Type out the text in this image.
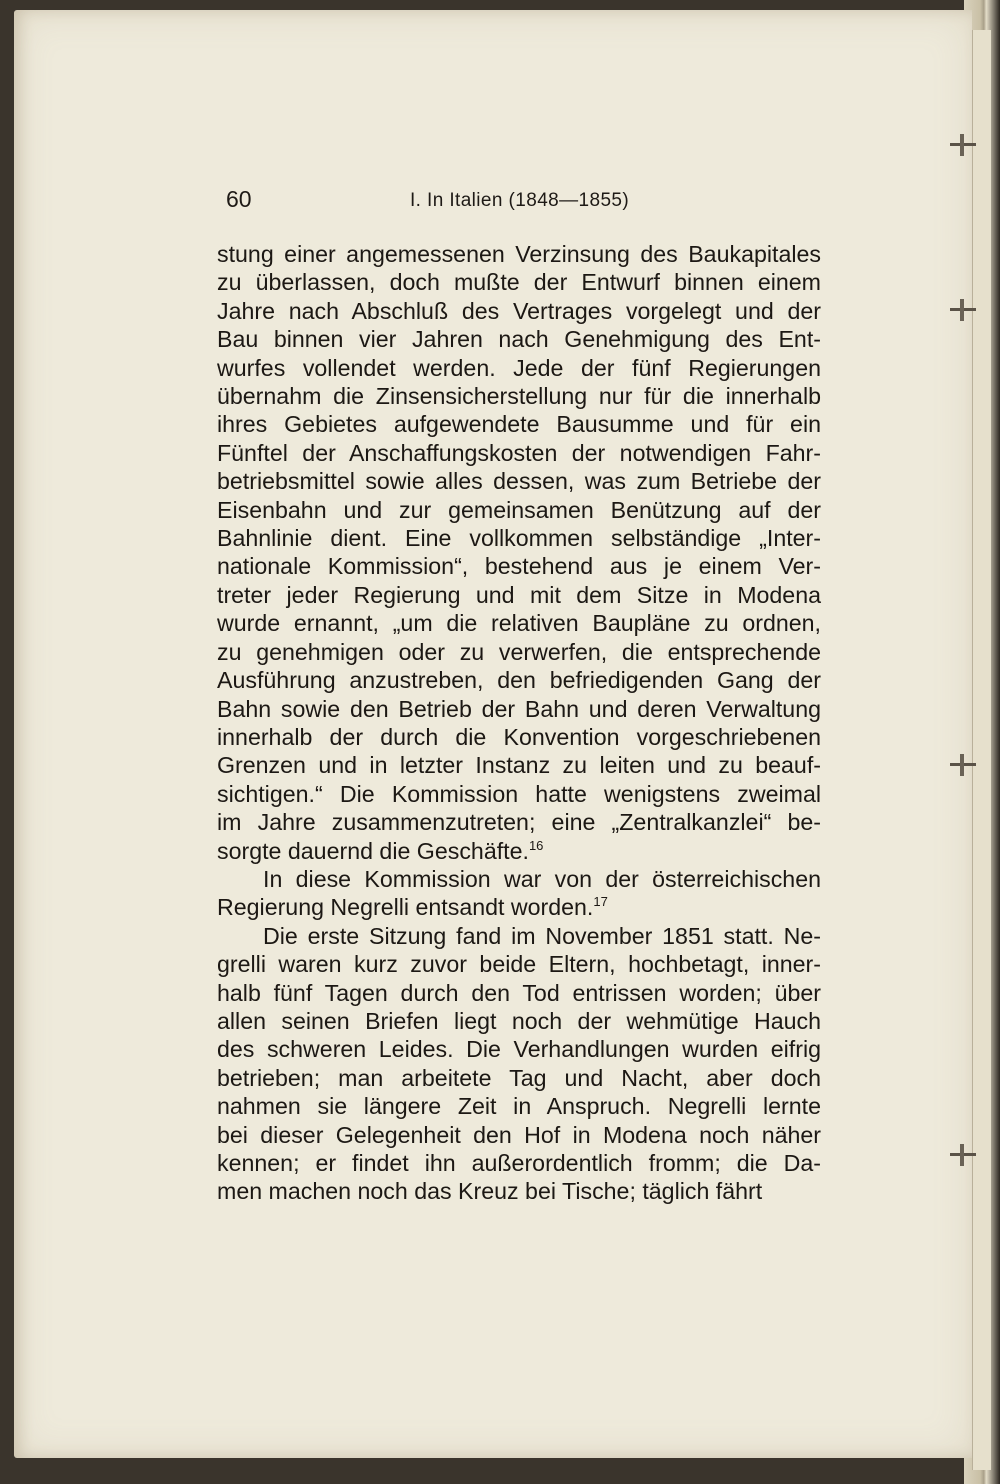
60	I. In Italien (1848—1855)

stung einer angemessenen Verzinsung des Baukapitales
zu überlassen, doch mußte der Entwurf binnen einem
Jahre nach Abschluß des Vertrages vorgelegt und der
Bau binnen vier Jahren nach Genehmigung des Ent-
wurfes vollendet werden. Jede der fünf Regierungen
übernahm die Zinsensicherstellung nur für die innerhalb
ihres Gebietes aufgewendete Bausumme und für ein
Fünftel der Anschaffungskosten der notwendigen Fahr-
betriebsmittel sowie alles dessen, was zum Betriebe der
Eisenbahn und zur gemeinsamen Benützung auf der
Bahnlinie dient. Eine vollkommen selbständige „Inter-
nationale Kommission“, bestehend aus je einem Ver-
treter jeder Regierung und mit dem Sitze in Modena
wurde ernannt, „um die relativen Baupläne zu ordnen,
zu genehmigen oder zu verwerfen, die entsprechende
Ausführung anzustreben, den befriedigenden Gang der
Bahn sowie den Betrieb der Bahn und deren Verwaltung
innerhalb der durch die Konvention vorgeschriebenen
Grenzen und in letzter Instanz zu leiten und zu beauf-
sichtigen.“ Die Kommission hatte wenigstens zweimal
im Jahre zusammenzutreten; eine „Zentralkanzlei“ be-
sorgte dauernd die Geschäfte.$^{16}$

In diese Kommission war von der österreichischen
Regierung Negrelli entsandt worden.$^{17}$

Die erste Sitzung fand im November 1851 statt. Ne-
grelli waren kurz zuvor beide Eltern, hochbetagt, inner-
halb fünf Tagen durch den Tod entrissen worden; über
allen seinen Briefen liegt noch der wehmütige Hauch
des schweren Leides. Die Verhandlungen wurden eifrig
betrieben; man arbeitete Tag und Nacht, aber doch
nahmen sie längere Zeit in Anspruch. Negrelli lernte
bei dieser Gelegenheit den Hof in Modena noch näher
kennen; er findet ihn außerordentlich fromm; die Da-
men machen noch das Kreuz bei Tische; täglich fährt
